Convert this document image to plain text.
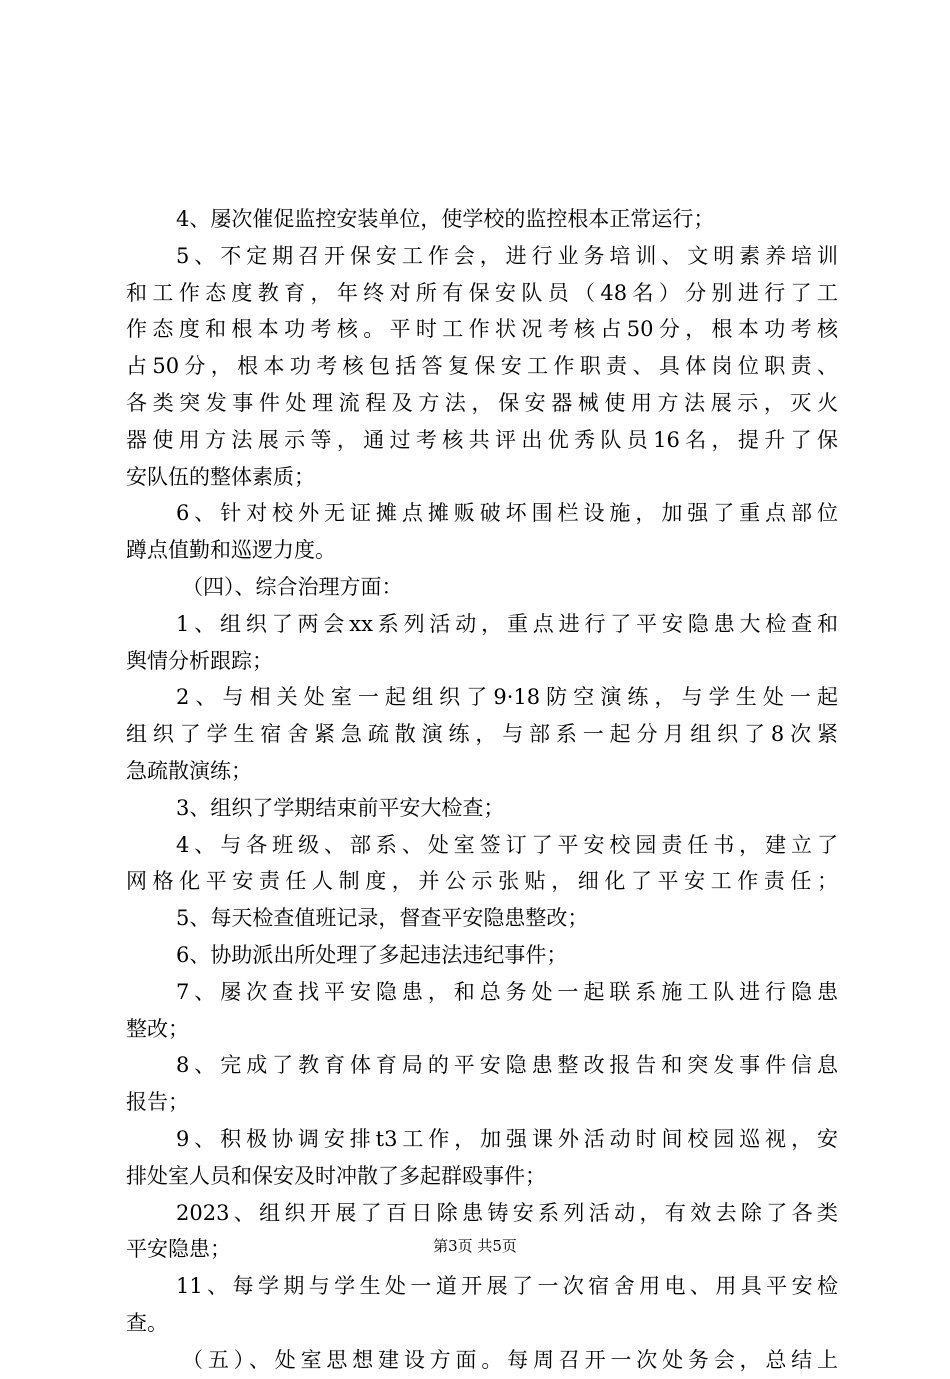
4、屡次催促监控安装单位，使学校的监控根本正常运行；
5、不定期召开保安工作会，进行业务培训、文明素养培训
和工作态度教育，年终对所有保安队员（48名）分别进行了工
作态度和根本功考核。平时工作状况考核占50分，根本功考核
占50分，根本功考核包括答复保安工作职责、具体岗位职责、
各类突发事件处理流程及方法，保安器械使用方法展示，灭火
器使用方法展示等，通过考核共评出优秀队员16名，提升了保
安队伍的整体素质；
6、针对校外无证摊点摊贩破坏围栏设施，加强了重点部位
蹲点值勤和巡逻力度。
（四）、综合治理方面：
1、组织了两会xx系列活动，重点进行了平安隐患大检查和
舆情分析跟踪；
2、与相关处室一起组织了9·18防空演练，与学生处一起
组织了学生宿舍紧急疏散演练，与部系一起分月组织了8次紧
急疏散演练；
3、组织了学期结束前平安大检查；
4、与各班级、部系、处室签订了平安校园责任书，建立了
网格化平安责任人制度，并公示张贴，细化了平安工作责任；
5、每天检查值班记录，督查平安隐患整改；
6、协助派出所处理了多起违法违纪事件；
7、屡次查找平安隐患，和总务处一起联系施工队进行隐患
整改；
8、完成了教育体育局的平安隐患整改报告和突发事件信息
报告；
9、积极协调安排t3工作，加强课外活动时间校园巡视，安
排处室人员和保安及时冲散了多起群殴事件；
2023、组织开展了百日除患铸安系列活动，有效去除了各类
平安隐患；
11、每学期与学生处一道开展了一次宿舍用电、用具平安检
查。
（五）、处室思想建设方面。每周召开一次处务会，总结上
第3页 共5页
